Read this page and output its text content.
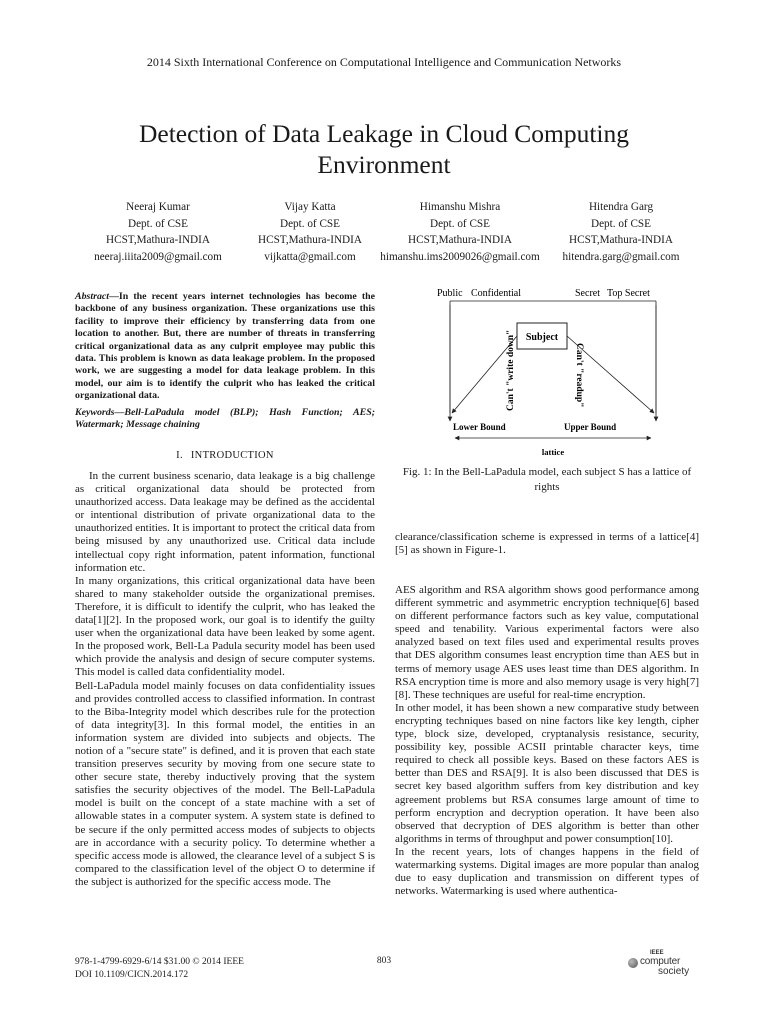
2014 Sixth International Conference on Computational Intelligence and Communication Networks
Detection of Data Leakage in Cloud Computing Environment
Neeraj Kumar
Dept. of CSE
HCST,Mathura-INDIA
neeraj.iiita2009@gmail.com
Vijay Katta
Dept. of CSE
HCST,Mathura-INDIA
vijkatta@gmail.com
Himanshu Mishra
Dept. of CSE
HCST,Mathura-INDIA
himanshu.ims2009026@gmail.com
Hitendra Garg
Dept. of CSE
HCST,Mathura-INDIA
hitendra.garg@gmail.com
Abstract—In the recent years internet technologies has become the backbone of any business organization. These organizations use this facility to improve their efficiency by transferring data from one location to another. But, there are number of threats in transferring critical organizational data as any culprit employee may public this data. This problem is known as data leakage problem. In the proposed work, we are suggesting a model for data leakage problem. In this model, our aim is to identify the culprit who has leaked the critical organizational data.
Keywords—Bell-LaPadula model (BLP); Hash Function; AES; Watermark; Message chaining
I. INTRODUCTION

In the current business scenario, data leakage is a big challenge as critical organizational data should be protected from unauthorized access. Data leakage may be defined as the accidental or intentional distribution of private organizational data to the unauthorized entities. It is important to protect the critical data from being misused by any unauthorized use. Critical data include intellectual copy right information, patent information, functional information etc.

In many organizations, this critical organizational data have been shared to many stakeholder outside the organizational premises. Therefore, it is difficult to identify the culprit, who has leaked the data[1][2]. In the proposed work, our goal is to identify the guilty user when the organizational data have been leaked by some agent. In the proposed work, Bell-La Padula security model has been used which provide the analysis and design of secure computer systems. This model is called data confidentiality model.

Bell-LaPadula model mainly focuses on data confidentiality issues and provides controlled access to classified information. In contrast to the Biba-Integrity model which describes rule for the protection of data integrity[3]. In this formal model, the entities in an information system are divided into subjects and objects. The notion of a "secure state" is defined, and it is proven that each state transition preserves security by moving from one secure state to other secure state, thereby inductively proving that the system satisfies the security objectives of the model. The Bell-LaPadula model is built on the concept of a state machine with a set of allowable states in a computer system. A system state is defined to be secure if the only permitted access modes of subjects to objects are in accordance with a security policy. To determine whether a specific access mode is allowed, the clearance level of a subject S is compared to the classification level of the object O to determine if the subject is authorized for the specific access mode. The

Public Confidential	Secret Top Secret
Subject
Can't "write down"	Can't "readup"
Lower Bound	Upper Bound
lattice
Fig. 1: In the Bell-LaPadula model, each subject S has a lattice of rights
clearance/classification scheme is expressed in terms of a lattice[4][5] as shown in Figure-1.

AES algorithm and RSA algorithm shows good performance among different symmetric and asymmetric encryption technique[6] based on different performance factors such as key value, computational speed and tenability. Various experimental factors were also analyzed based on text files used and experimental results proves that DES algorithm consumes least encryption time than AES but in terms of memory usage AES uses least time than DES algorithm. In RSA encryption time is more and also memory usage is very high[7][8]. These techniques are useful for real-time encryption.

In other model, it has been shown a new comparative study between encrypting techniques based on nine factors like key length, cipher type, block size, developed, cryptanalysis resistance, security, possibility key, possible ACSII printable character keys, time required to check all possible keys. Based on these factors AES is better than DES and RSA[9]. It is also been discussed that DES is secret key based algorithm suffers from key distribution and key agreement problems but RSA consumes large amount of time to perform encryption and decryption operation. It have been also observed that decryption of DES algorithm is better than other algorithms in terms of throughput and power consumption[10].

In the recent years, lots of changes happens in the field of watermarking systems. Digital images are more popular than analog due to easy duplication and transmission on different types of networks. Watermarking is used where authentica-

978-1-4799-6929-6/14 $31.00 © 2014 IEEE
DOI 10.1109/CICN.2014.172
803
IEEE
computer
society
